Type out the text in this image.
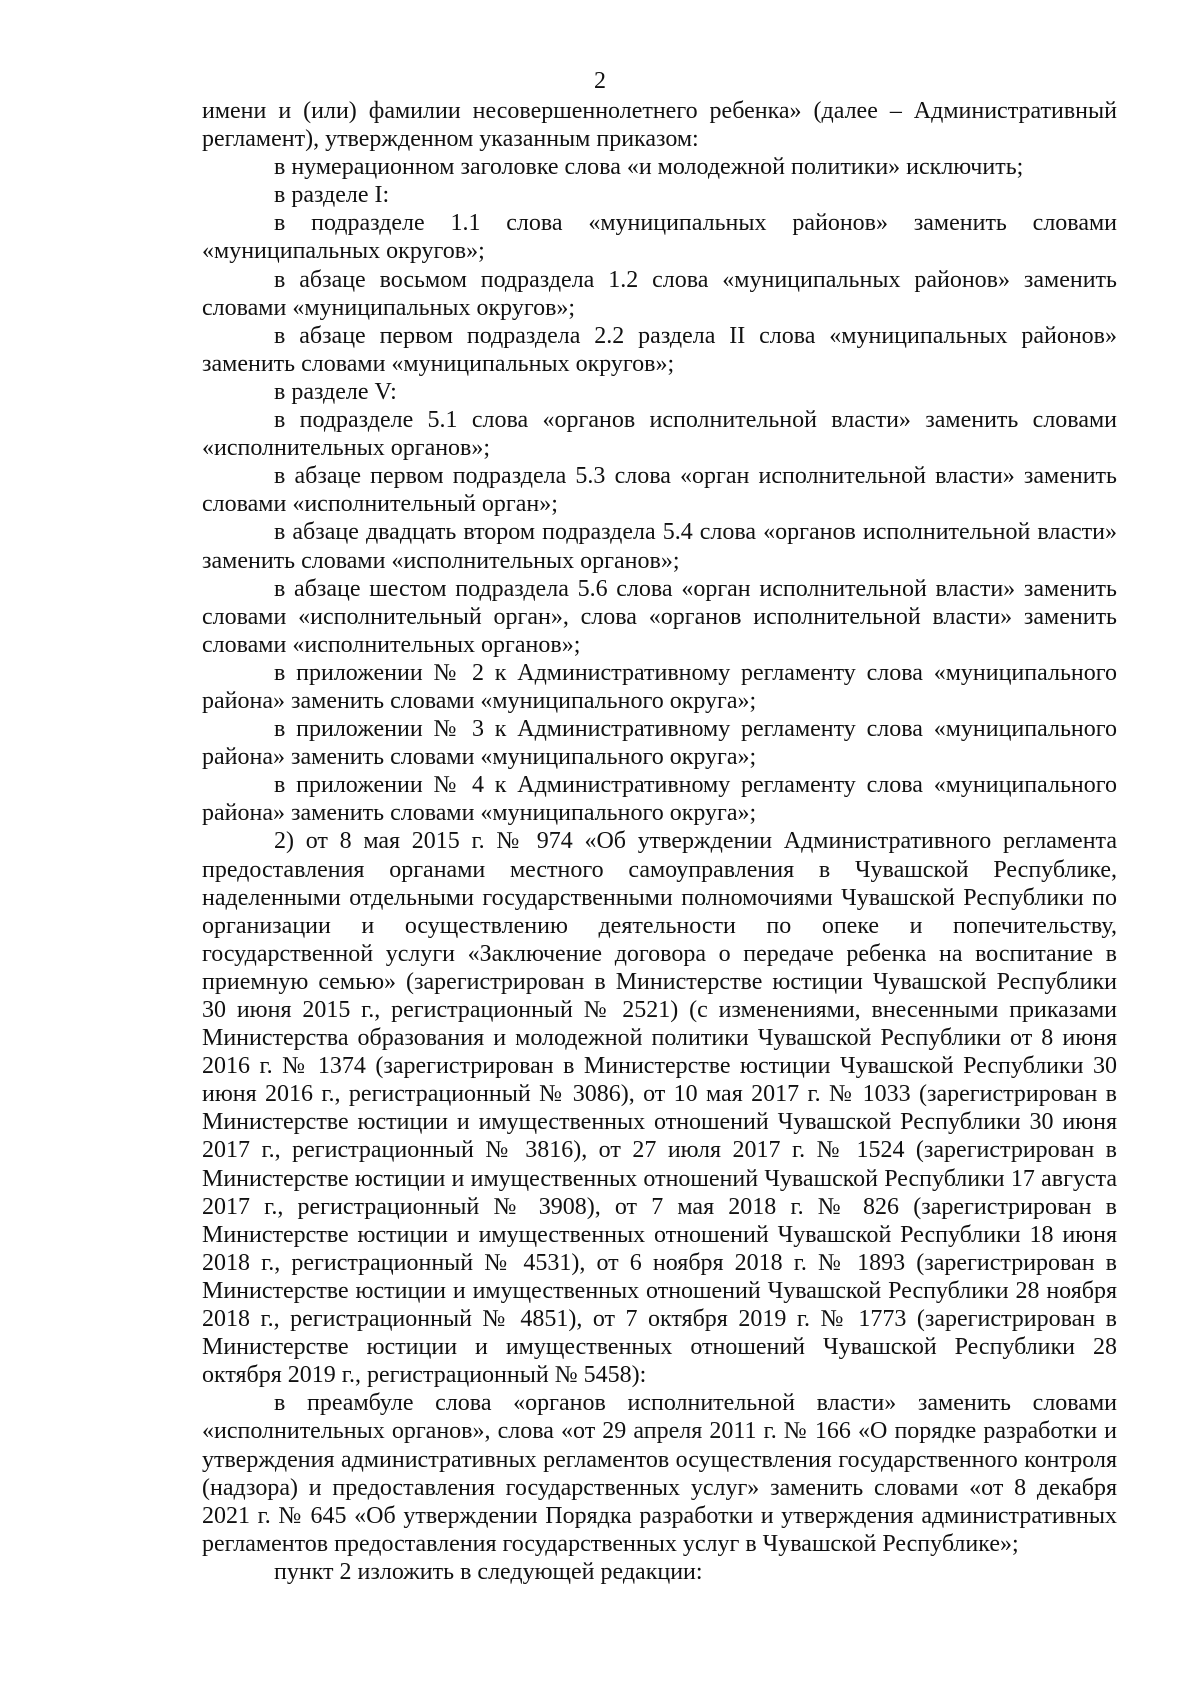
2

имени и (или) фамилии несовершеннолетнего ребенка» (далее – Административный регламент), утвержденном указанным приказом:

в нумерационном заголовке слова «и молодежной политики» исключить;

в разделе I:

в подразделе 1.1 слова «муниципальных районов» заменить словами «муниципальных округов»;

в абзаце восьмом подраздела 1.2 слова «муниципальных районов» заменить словами «муниципальных округов»;

в абзаце первом подраздела 2.2 раздела II слова «муниципальных районов» заменить словами «муниципальных округов»;

в разделе V:

в подразделе 5.1 слова «органов исполнительной власти» заменить словами «исполнительных органов»;

в абзаце первом подраздела 5.3 слова «орган исполнительной власти» заменить словами «исполнительный орган»;

в абзаце двадцать втором подраздела 5.4 слова «органов исполнительной власти» заменить словами «исполнительных органов»;

в абзаце шестом подраздела 5.6 слова «орган исполнительной власти» заменить словами «исполнительный орган», слова «органов исполнительной власти» заменить словами «исполнительных органов»;

в приложении № 2 к Административному регламенту слова «муниципального района» заменить словами «муниципального округа»;

в приложении № 3 к Административному регламенту слова «муниципального района» заменить словами «муниципального округа»;

в приложении № 4 к Административному регламенту слова «муниципального района» заменить словами «муниципального округа»;

2) от 8 мая 2015 г. № 974 «Об утверждении Административного регламента предоставления органами местного самоуправления в Чувашской Республике, наделенными отдельными государственными полномочиями Чувашской Республики по организации и осуществлению деятельности по опеке и попечительству, государственной услуги «Заключение договора о передаче ребенка на воспитание в приемную семью» (зарегистрирован в Министерстве юстиции Чувашской Республики 30 июня 2015 г., регистрационный № 2521) (с изменениями, внесенными приказами Министерства образования и молодежной политики Чувашской Республики от 8 июня 2016 г. № 1374 (зарегистрирован в Министерстве юстиции Чувашской Республики 30 июня 2016 г., регистрационный № 3086), от 10 мая 2017 г. № 1033 (зарегистрирован в Министерстве юстиции и имущественных отношений Чувашской Республики 30 июня 2017 г., регистрационный № 3816), от 27 июля 2017 г. № 1524 (зарегистрирован в Министерстве юстиции и имущественных отношений Чувашской Республики 17 августа 2017 г., регистрационный № 3908), от 7 мая 2018 г. № 826 (зарегистрирован в Министерстве юстиции и имущественных отношений Чувашской Республики 18 июня 2018 г., регистрационный № 4531), от 6 ноября 2018 г. № 1893 (зарегистрирован в Министерстве юстиции и имущественных отношений Чувашской Республики 28 ноября 2018 г., регистрационный № 4851), от 7 октября 2019 г. № 1773 (зарегистрирован в Министерстве юстиции и имущественных отношений Чувашской Республики 28 октября 2019 г., регистрационный № 5458):

в преамбуле слова «органов исполнительной власти» заменить словами «исполнительных органов», слова «от 29 апреля 2011 г. № 166 «О порядке разработки и утверждения административных регламентов осуществления государственного контроля (надзора) и предоставления государственных услуг» заменить словами «от 8 декабря 2021 г. № 645 «Об утверждении Порядка разработки и утверждения административных регламентов предоставления государственных услуг в Чувашской Республике»;

пункт 2 изложить в следующей редакции:
